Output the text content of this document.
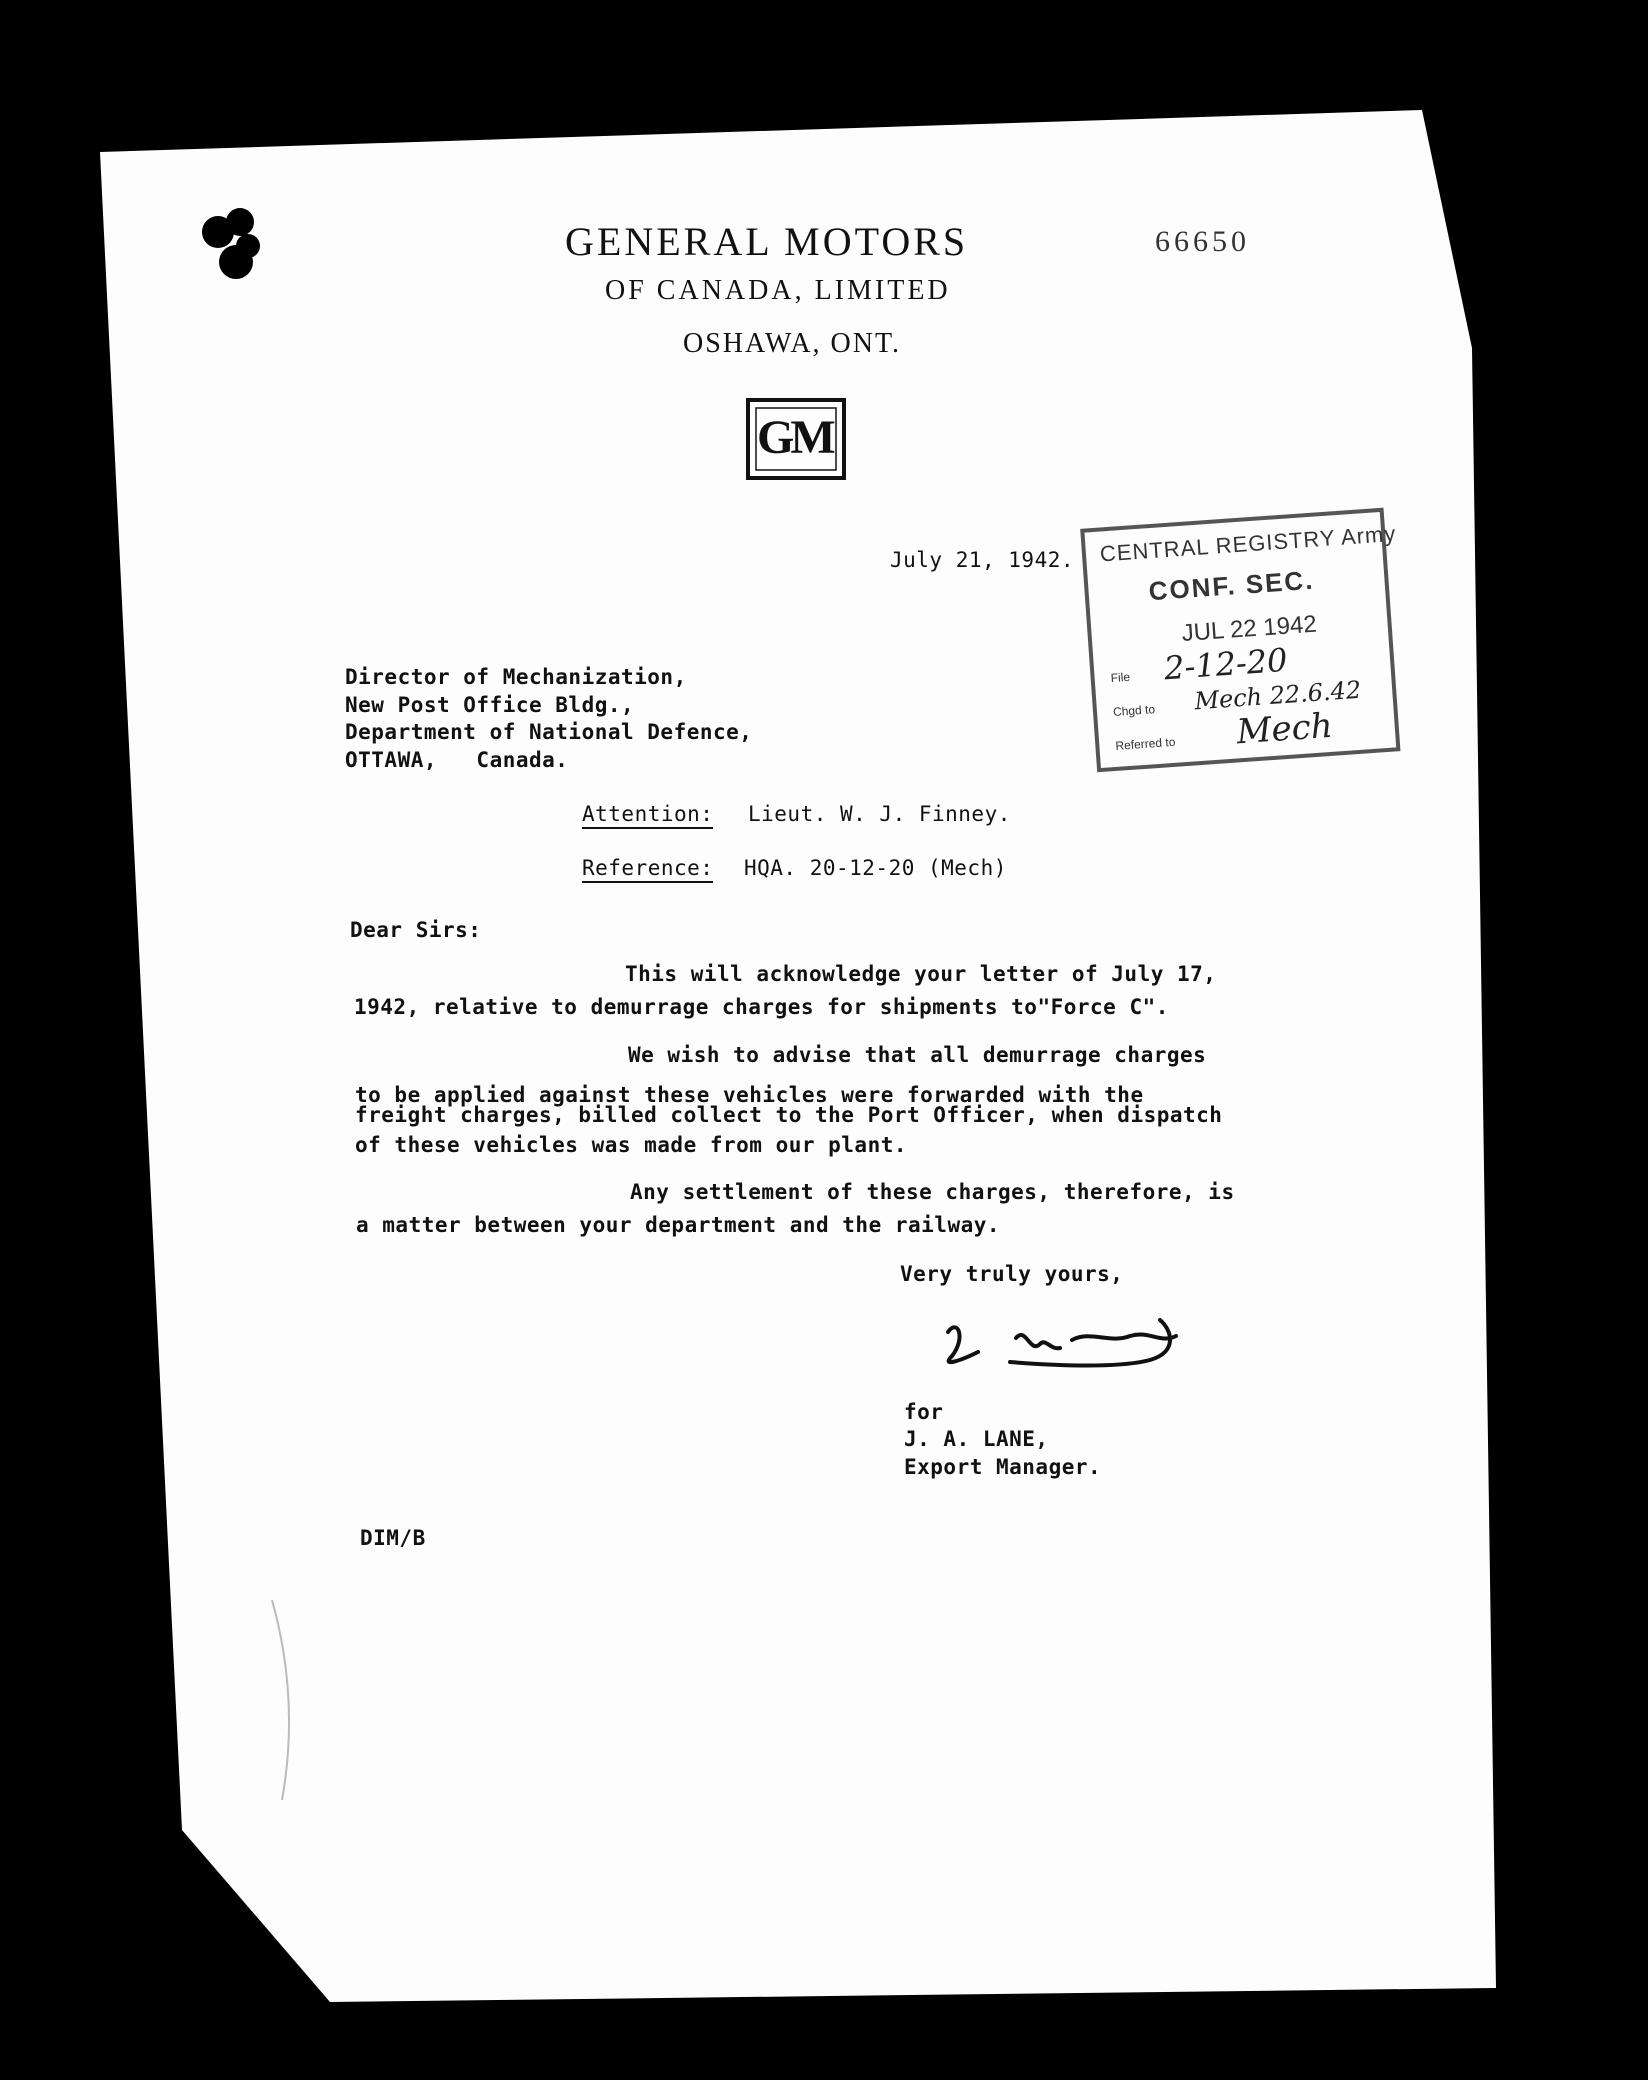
GENERAL MOTORS
OF CANADA, LIMITED
OSHAWA, ONT.
GM
66650
July 21, 1942. CENTRAL REGISTRY Army
CONF. SEC.
JUL 22 1942
File 2-12-20
Chgd to Mech 22.6.42
Referred to Mech
Director of Mechanization,
New Post Office Bldg.,
Department of National Defence,
OTTAWA,   Canada.
Attention: Lieut. W. J. Finney.
Reference: HQA. 20-12-20 (Mech)
Dear Sirs:
This will acknowledge your letter of July 17,
1942, relative to demurrage charges for shipments to"Force C".
We wish to advise that all demurrage charges
to be applied against these vehicles were forwarded with the
freight charges, billed collect to the Port Officer, when dispatch
of these vehicles was made from our plant.
Any settlement of these charges, therefore, is
a matter between your department and the railway.
Very truly yours,
for
J. A. LANE,
Export Manager.
DIM/B
